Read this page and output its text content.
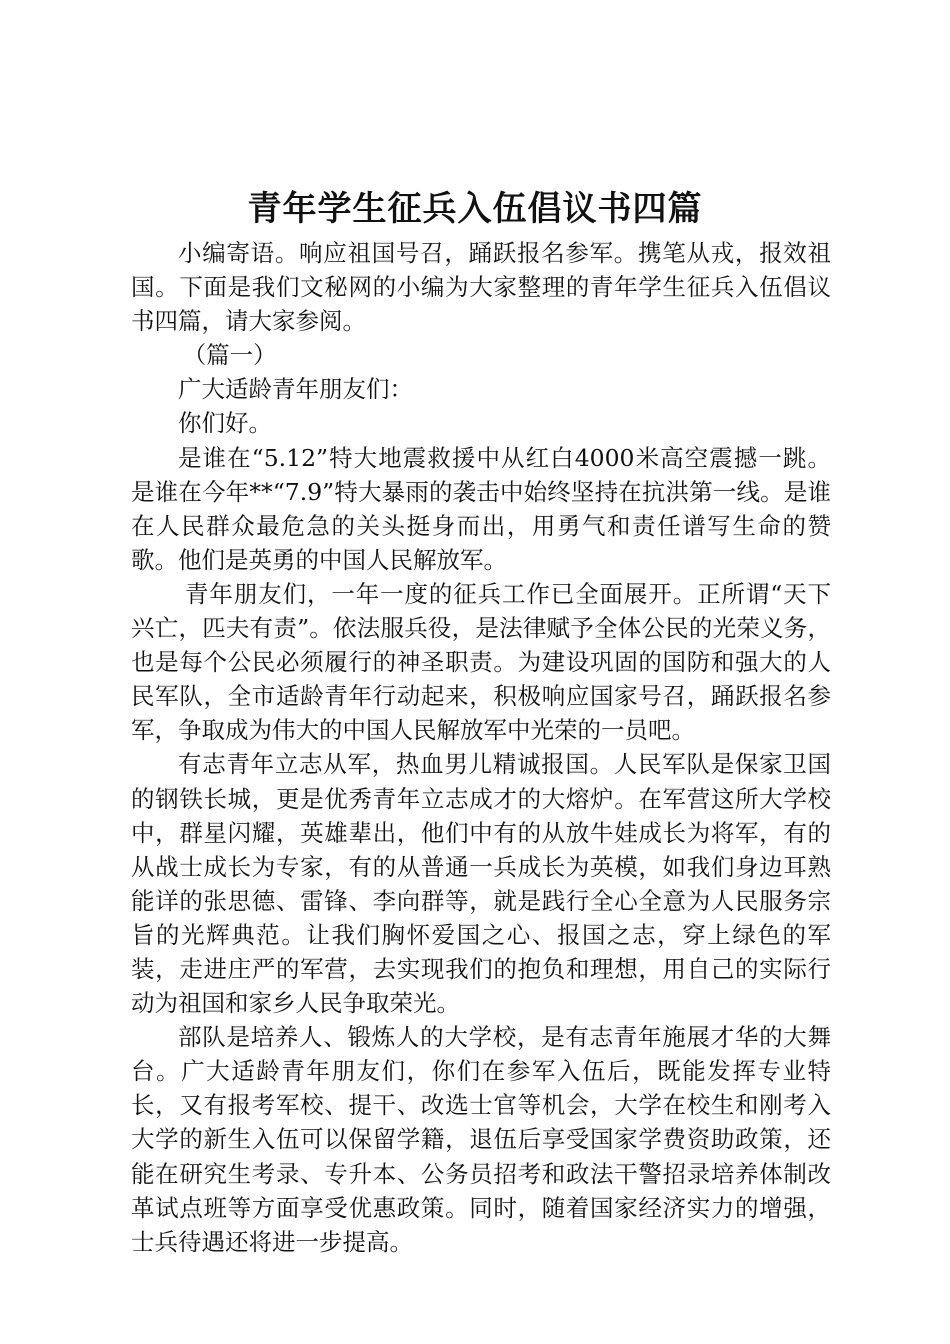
青年学生征兵入伍倡议书四篇

小编寄语。响应祖国号召，踊跃报名参军。携笔从戎，报效祖国。下面是我们文秘网的小编为大家整理的青年学生征兵入伍倡议书四篇，请大家参阅。

（篇一）

广大适龄青年朋友们：

你们好。

是谁在“5.12”特大地震救援中从红白4000米高空震撼一跳。是谁在今年**“7.9”特大暴雨的袭击中始终坚持在抗洪第一线。是谁在人民群众最危急的关头挺身而出，用勇气和责任谱写生命的赞歌。他们是英勇的中国人民解放军。

青年朋友们，一年一度的征兵工作已全面展开。正所谓“天下兴亡，匹夫有责”。依法服兵役，是法律赋予全体公民的光荣义务，也是每个公民必须履行的神圣职责。为建设巩固的国防和强大的人民军队，全市适龄青年行动起来，积极响应国家号召，踊跃报名参军，争取成为伟大的中国人民解放军中光荣的一员吧。

有志青年立志从军，热血男儿精诚报国。人民军队是保家卫国的钢铁长城，更是优秀青年立志成才的大熔炉。在军营这所大学校中，群星闪耀，英雄辈出，他们中有的从放牛娃成长为将军，有的从战士成长为专家，有的从普通一兵成长为英模，如我们身边耳熟能详的张思德、雷锋、李向群等，就是践行全心全意为人民服务宗旨的光辉典范。让我们胸怀爱国之心、报国之志，穿上绿色的军装，走进庄严的军营，去实现我们的抱负和理想，用自己的实际行动为祖国和家乡人民争取荣光。

部队是培养人、锻炼人的大学校，是有志青年施展才华的大舞台。广大适龄青年朋友们，你们在参军入伍后，既能发挥专业特长，又有报考军校、提干、改选士官等机会，大学在校生和刚考入大学的新生入伍可以保留学籍，退伍后享受国家学费资助政策，还能在研究生考录、专升本、公务员招考和政法干警招录培养体制改革试点班等方面享受优惠政策。同时，随着国家经济实力的增强，士兵待遇还将进一步提高。
